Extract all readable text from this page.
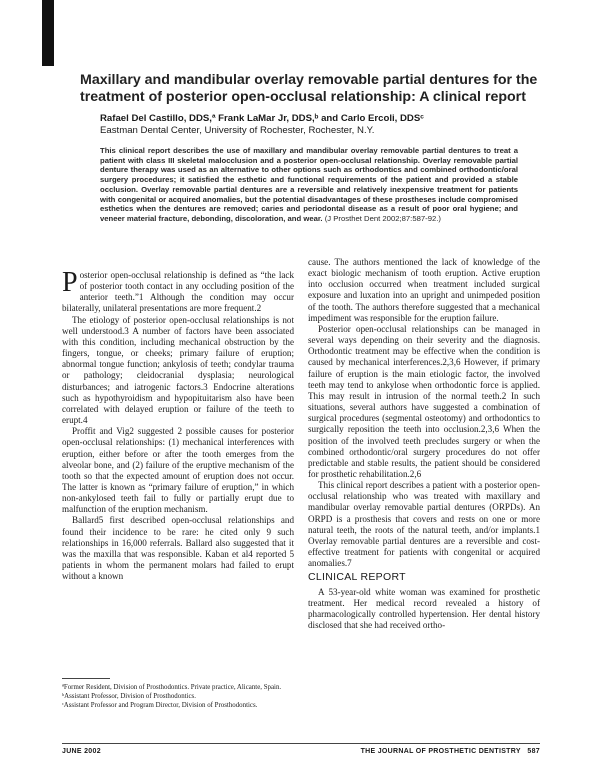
Maxillary and mandibular overlay removable partial dentures for the treatment of posterior open-occlusal relationship: A clinical report
Rafael Del Castillo, DDS,ª Frank LaMar Jr, DDS,ᵇ and Carlo Ercoli, DDSᶜ
Eastman Dental Center, University of Rochester, Rochester, N.Y.
This clinical report describes the use of maxillary and mandibular overlay removable partial dentures to treat a patient with class III skeletal malocclusion and a posterior open-occlusal relationship. Overlay removable partial denture therapy was used as an alternative to other options such as orthodontics and combined orthodontic/oral surgery procedures; it satisfied the esthetic and functional requirements of the patient and provided a stable occlusion. Overlay removable partial dentures are a reversible and relatively inexpensive treatment for patients with congenital or acquired anomalies, but the potential disadvantages of these prostheses include compromised esthetics when the dentures are removed; caries and periodontal disease as a result of poor oral hygiene; and veneer material fracture, debonding, discoloration, and wear. (J Prosthet Dent 2002;87:587-92.)

Posterior open-occlusal relationship is defined as “the lack of posterior tooth contact in any occluding position of the anterior teeth.”1 Although the condition may occur bilaterally, unilateral presentations are more frequent.2

The etiology of posterior open-occlusal relationships is not well understood.3 A number of factors have been associated with this condition, including mechanical obstruction by the fingers, tongue, or cheeks; primary failure of eruption; abnormal tongue function; ankylosis of teeth; condylar trauma or pathology; cleidocranial dysplasia; neurological disturbances; and iatrogenic factors.3 Endocrine alterations such as hypothyroidism and hypopituitarism also have been correlated with delayed eruption or failure of the teeth to erupt.4

Proffit and Vig2 suggested 2 possible causes for posterior open-occlusal relationships: (1) mechanical interferences with eruption, either before or after the tooth emerges from the alveolar bone, and (2) failure of the eruptive mechanism of the tooth so that the expected amount of eruption does not occur. The latter is known as “primary failure of eruption,” in which non-ankylosed teeth fail to fully or partially erupt due to malfunction of the eruption mechanism.

Ballard5 first described open-occlusal relationships and found their incidence to be rare: he cited only 9 such relationships in 16,000 referrals. Ballard also suggested that it was the maxilla that was responsible. Kaban et al4 reported 5 patients in whom the permanent molars had failed to erupt without a known

cause. The authors mentioned the lack of knowledge of the exact biologic mechanism of tooth eruption. Active eruption into occlusion occurred when treatment included surgical exposure and luxation into an upright and unimpeded position of the tooth. The authors therefore suggested that a mechanical impediment was responsible for the eruption failure.

Posterior open-occlusal relationships can be managed in several ways depending on their severity and the diagnosis. Orthodontic treatment may be effective when the condition is caused by mechanical interferences.2,3,6 However, if primary failure of eruption is the main etiologic factor, the involved teeth may tend to ankylose when orthodontic force is applied. This may result in intrusion of the normal teeth.2 In such situations, several authors have suggested a combination of surgical procedures (segmental osteotomy) and orthodontics to surgically reposition the teeth into occlusion.2,3,6 When the position of the involved teeth precludes surgery or when the combined orthodontic/oral surgery procedures do not offer predictable and stable results, the patient should be considered for prosthetic rehabilitation.2,6

This clinical report describes a patient with a posterior open-occlusal relationship who was treated with maxillary and mandibular overlay removable partial dentures (ORPDs). An ORPD is a prosthesis that covers and rests on one or more natural teeth, the roots of the natural teeth, and/or implants.1 Overlay removable partial dentures are a reversible and cost-effective treatment for patients with congenital or acquired anomalies.7

CLINICAL REPORT

A 53-year-old white woman was examined for prosthetic treatment. Her medical record revealed a history of pharmacologically controlled hypertension. Her dental history disclosed that she had received ortho-

ªFormer Resident, Division of Prosthodontics. Private practice, Alicante, Spain.
ᵇAssistant Professor, Division of Prosthodontics.
ᶜAssistant Professor and Program Director, Division of Prosthodontics.
JUNE 2002	THE JOURNAL OF PROSTHETIC DENTISTRY   587
